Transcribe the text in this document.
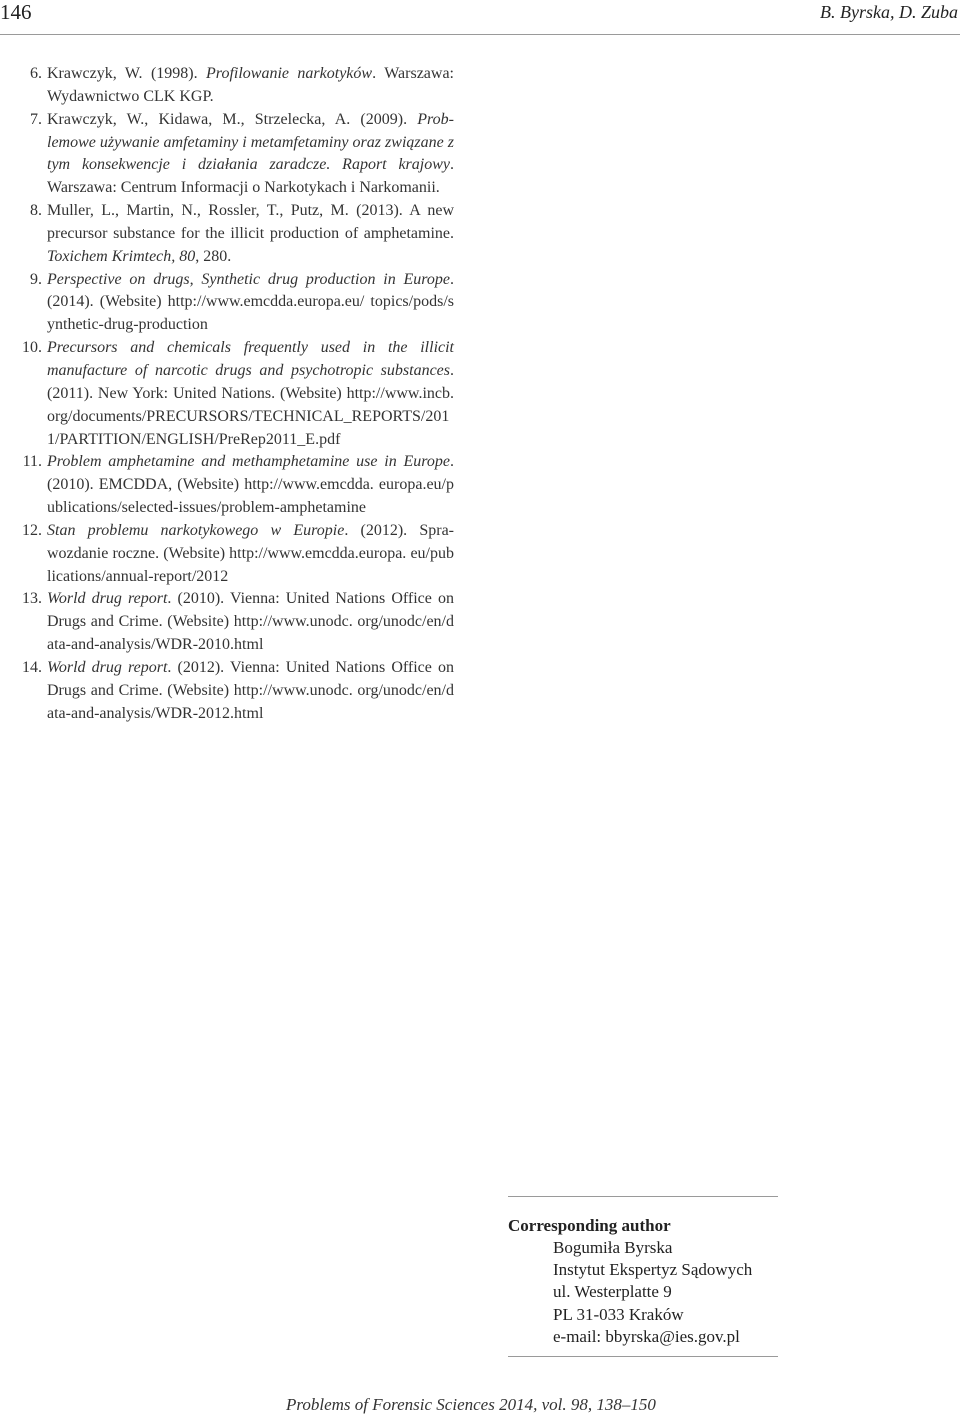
146	B. Byrska, D. Zuba
6. Krawczyk, W. (1998). Profilowanie narkotyków. Warszawa: Wydawnictwo CLK KGP.
7. Krawczyk, W., Kidawa, M., Strzelecka, A. (2009). Problemowe używanie amfetaminy i metamfetaminy oraz związane z tym konsekwencje i działania zaradcze. Raport krajowy. Warszawa: Centrum Informacji o Narkotykach i Narkomanii.
8. Muller, L., Martin, N., Rossler, T., Putz, M. (2013). A new precursor substance for the illicit production of amphetamine. Toxichem Krimtech, 80, 280.
9. Perspective on drugs, Synthetic drug production in Europe. (2014). (Website) http://www.emcdda.europa.eu/ topics/pods/synthetic-drug-production
10. Precursors and chemicals frequently used in the illicit manufacture of narcotic drugs and psychotropic substances. (2011). New York: United Nations. (Website) http://www.incb.org/documents/PRECURSORS/TECHNICAL_REPORTS/2011/PARTITION/ENGLISH/PreRep2011_E.pdf
11. Problem amphetamine and methamphetamine use in Europe. (2010). EMCDDA, (Website) http://www.emcdda. europa.eu/publications/selected-issues/problem-amphetamine
12. Stan problemu narkotykowego w Europie. (2012). Sprawozdanie roczne. (Website) http://www.emcdda.europa. eu/publications/annual-report/2012
13. World drug report. (2010). Vienna: United Nations Office on Drugs and Crime. (Website) http://www.unodc. org/unodc/en/data-and-analysis/WDR-2010.html
14. World drug report. (2012). Vienna: United Nations Office on Drugs and Crime. (Website) http://www.unodc. org/unodc/en/data-and-analysis/WDR-2012.html
Corresponding author
Bogumiła Byrska
Instytut Ekspertyz Sądowych
ul. Westerplatte 9
PL 31-033 Kraków
e-mail: bbyrska@ies.gov.pl
Problems of Forensic Sciences 2014, vol. 98, 138–150
